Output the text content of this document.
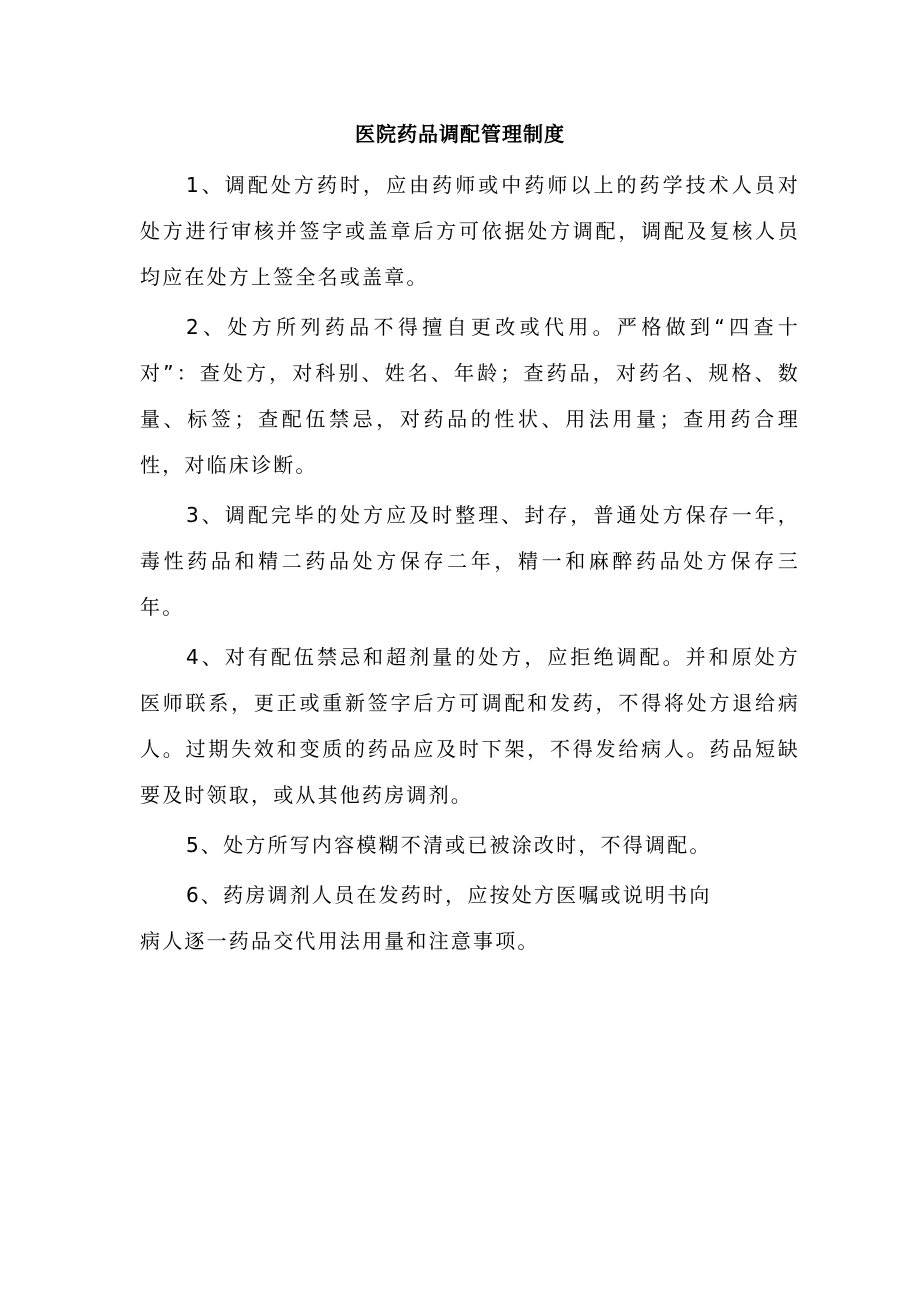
医院药品调配管理制度

1、调配处方药时，应由药师或中药师以上的药学技术人员对处方进行审核并签字或盖章后方可依据处方调配，调配及复核人员均应在处方上签全名或盖章。

2、处方所列药品不得擅自更改或代用。严格做到“四查十对”：查处方，对科别、姓名、年龄；查药品，对药名、规格、数量、标签；查配伍禁忌，对药品的性状、用法用量；查用药合理性，对临床诊断。

3、调配完毕的处方应及时整理、封存，普通处方保存一年，毒性药品和精二药品处方保存二年，精一和麻醉药品处方保存三年。

4、对有配伍禁忌和超剂量的处方，应拒绝调配。并和原处方医师联系，更正或重新签字后方可调配和发药，不得将处方退给病人。过期失效和变质的药品应及时下架，不得发给病人。药品短缺要及时领取，或从其他药房调剂。

5、处方所写内容模糊不清或已被涂改时，不得调配。

6、药房调剂人员在发药时，应按处方医嘱或说明书向
病人逐一药品交代用法用量和注意事项。
